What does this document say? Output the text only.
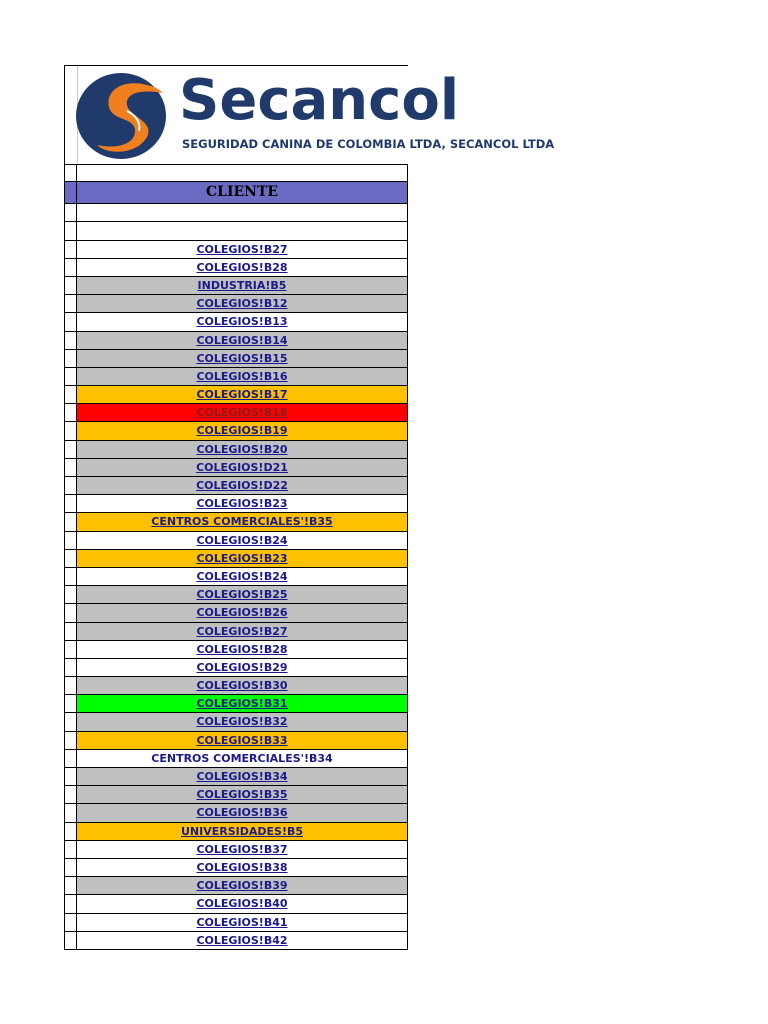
Secancol
SEGURIDAD CANINA DE COLOMBIA LTDA, SECANCOL LTDA
CLIENTE
COLEGIOS!B27
COLEGIOS!B28
INDUSTRIA!B5
COLEGIOS!B12
COLEGIOS!B13
COLEGIOS!B14
COLEGIOS!B15
COLEGIOS!B16
COLEGIOS!B17
COLEGIOS!B18
COLEGIOS!B19
COLEGIOS!B20
COLEGIOS!D21
COLEGIOS!D22
COLEGIOS!B23
CENTROS COMERCIALES'!B35
COLEGIOS!B24
COLEGIOS!B23
COLEGIOS!B24
COLEGIOS!B25
COLEGIOS!B26
COLEGIOS!B27
COLEGIOS!B28
COLEGIOS!B29
COLEGIOS!B30
COLEGIOS!B31
COLEGIOS!B32
COLEGIOS!B33
CENTROS COMERCIALES'!B34
COLEGIOS!B34
COLEGIOS!B35
COLEGIOS!B36
UNIVERSIDADES!B5
COLEGIOS!B37
COLEGIOS!B38
COLEGIOS!B39
COLEGIOS!B40
COLEGIOS!B41
COLEGIOS!B42
